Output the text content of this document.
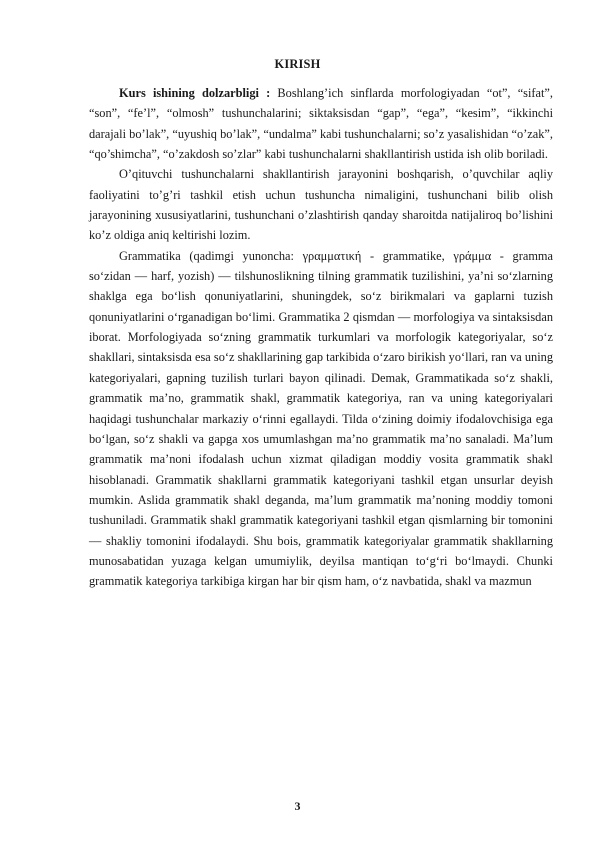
KIRISH

Kurs ishining dolzarbligi : Boshlang’ich sinflarda morfologiyadan “ot”, “sifat”, “son”, “fe’l”, “olmosh” tushunchalarini; siktaksisdan “gap”, “ega”, “kesim”, “ikkinchi darajali bo’lak”, “uyushiq bo’lak”, “undalma” kabi tushunchalarni; so’z yasalishidan “o’zak”, “qo’shimcha”, “o’zakdosh so’zlar” kabi tushunchalarni shakllantirish ustida ish olib boriladi.

O’qituvchi tushunchalarni shakllantirish jarayonini boshqarish, o’quvchilar aqliy faoliyatini to’g’ri tashkil etish uchun tushuncha nimaligini, tushunchani bilib olish jarayonining xususiyatlarini, tushunchani o’zlashtirish qanday sharoitda natijaliroq bo’lishini ko’z oldiga aniq keltirishi lozim.

Grammatika (qadimgi yunoncha: γραμματική - grammatike, γράμμα - gramma so‘zidan — harf, yozish) — tilshunoslikning tilning grammatik tuzilishini, ya’ni so‘zlarning shaklga ega bo‘lish qonuniyatlarini, shuningdek, so‘z birikmalari va gaplarni tuzish qonuniyatlarini o‘rganadigan bo‘limi. Grammatika 2 qismdan — morfologiya va sintaksisdan iborat. Morfologiyada so‘zning grammatik turkumlari va morfologik kategoriyalar, so‘z shakllari, sintaksisda esa so‘z shakllarining gap tarkibida o‘zaro birikish yo‘llari, ran va uning kategoriyalari, gapning tuzilish turlari bayon qilinadi. Demak, Grammatikada so‘z shakli, grammatik ma’no, grammatik shakl, grammatik kategoriya, ran va uning kategoriyalari haqidagi tushunchalar markaziy o‘rinni egallaydi. Tilda o‘zining doimiy ifodalovchisiga ega bo‘lgan, so‘z shakli va gapga xos umumlashgan ma’no grammatik ma’no sanaladi. Ma’lum grammatik ma’noni ifodalash uchun xizmat qiladigan moddiy vosita grammatik shakl hisoblanadi. Grammatik shakllarni grammatik kategoriyani tashkil etgan unsurlar deyish mumkin. Aslida grammatik shakl deganda, ma’lum grammatik ma’noning moddiy tomoni tushuniladi. Grammatik shakl grammatik kategoriyani tashkil etgan qismlarning bir tomonini — shakliy tomonini ifodalaydi. Shu bois, grammatik kategoriyalar grammatik shakllarning munosabatidan yuzaga kelgan umumiylik, deyilsa mantiqan to‘g‘ri bo‘lmaydi. Chunki grammatik kategoriya tarkibiga kirgan har bir qism ham, o‘z navbatida, shakl va mazmun

3
